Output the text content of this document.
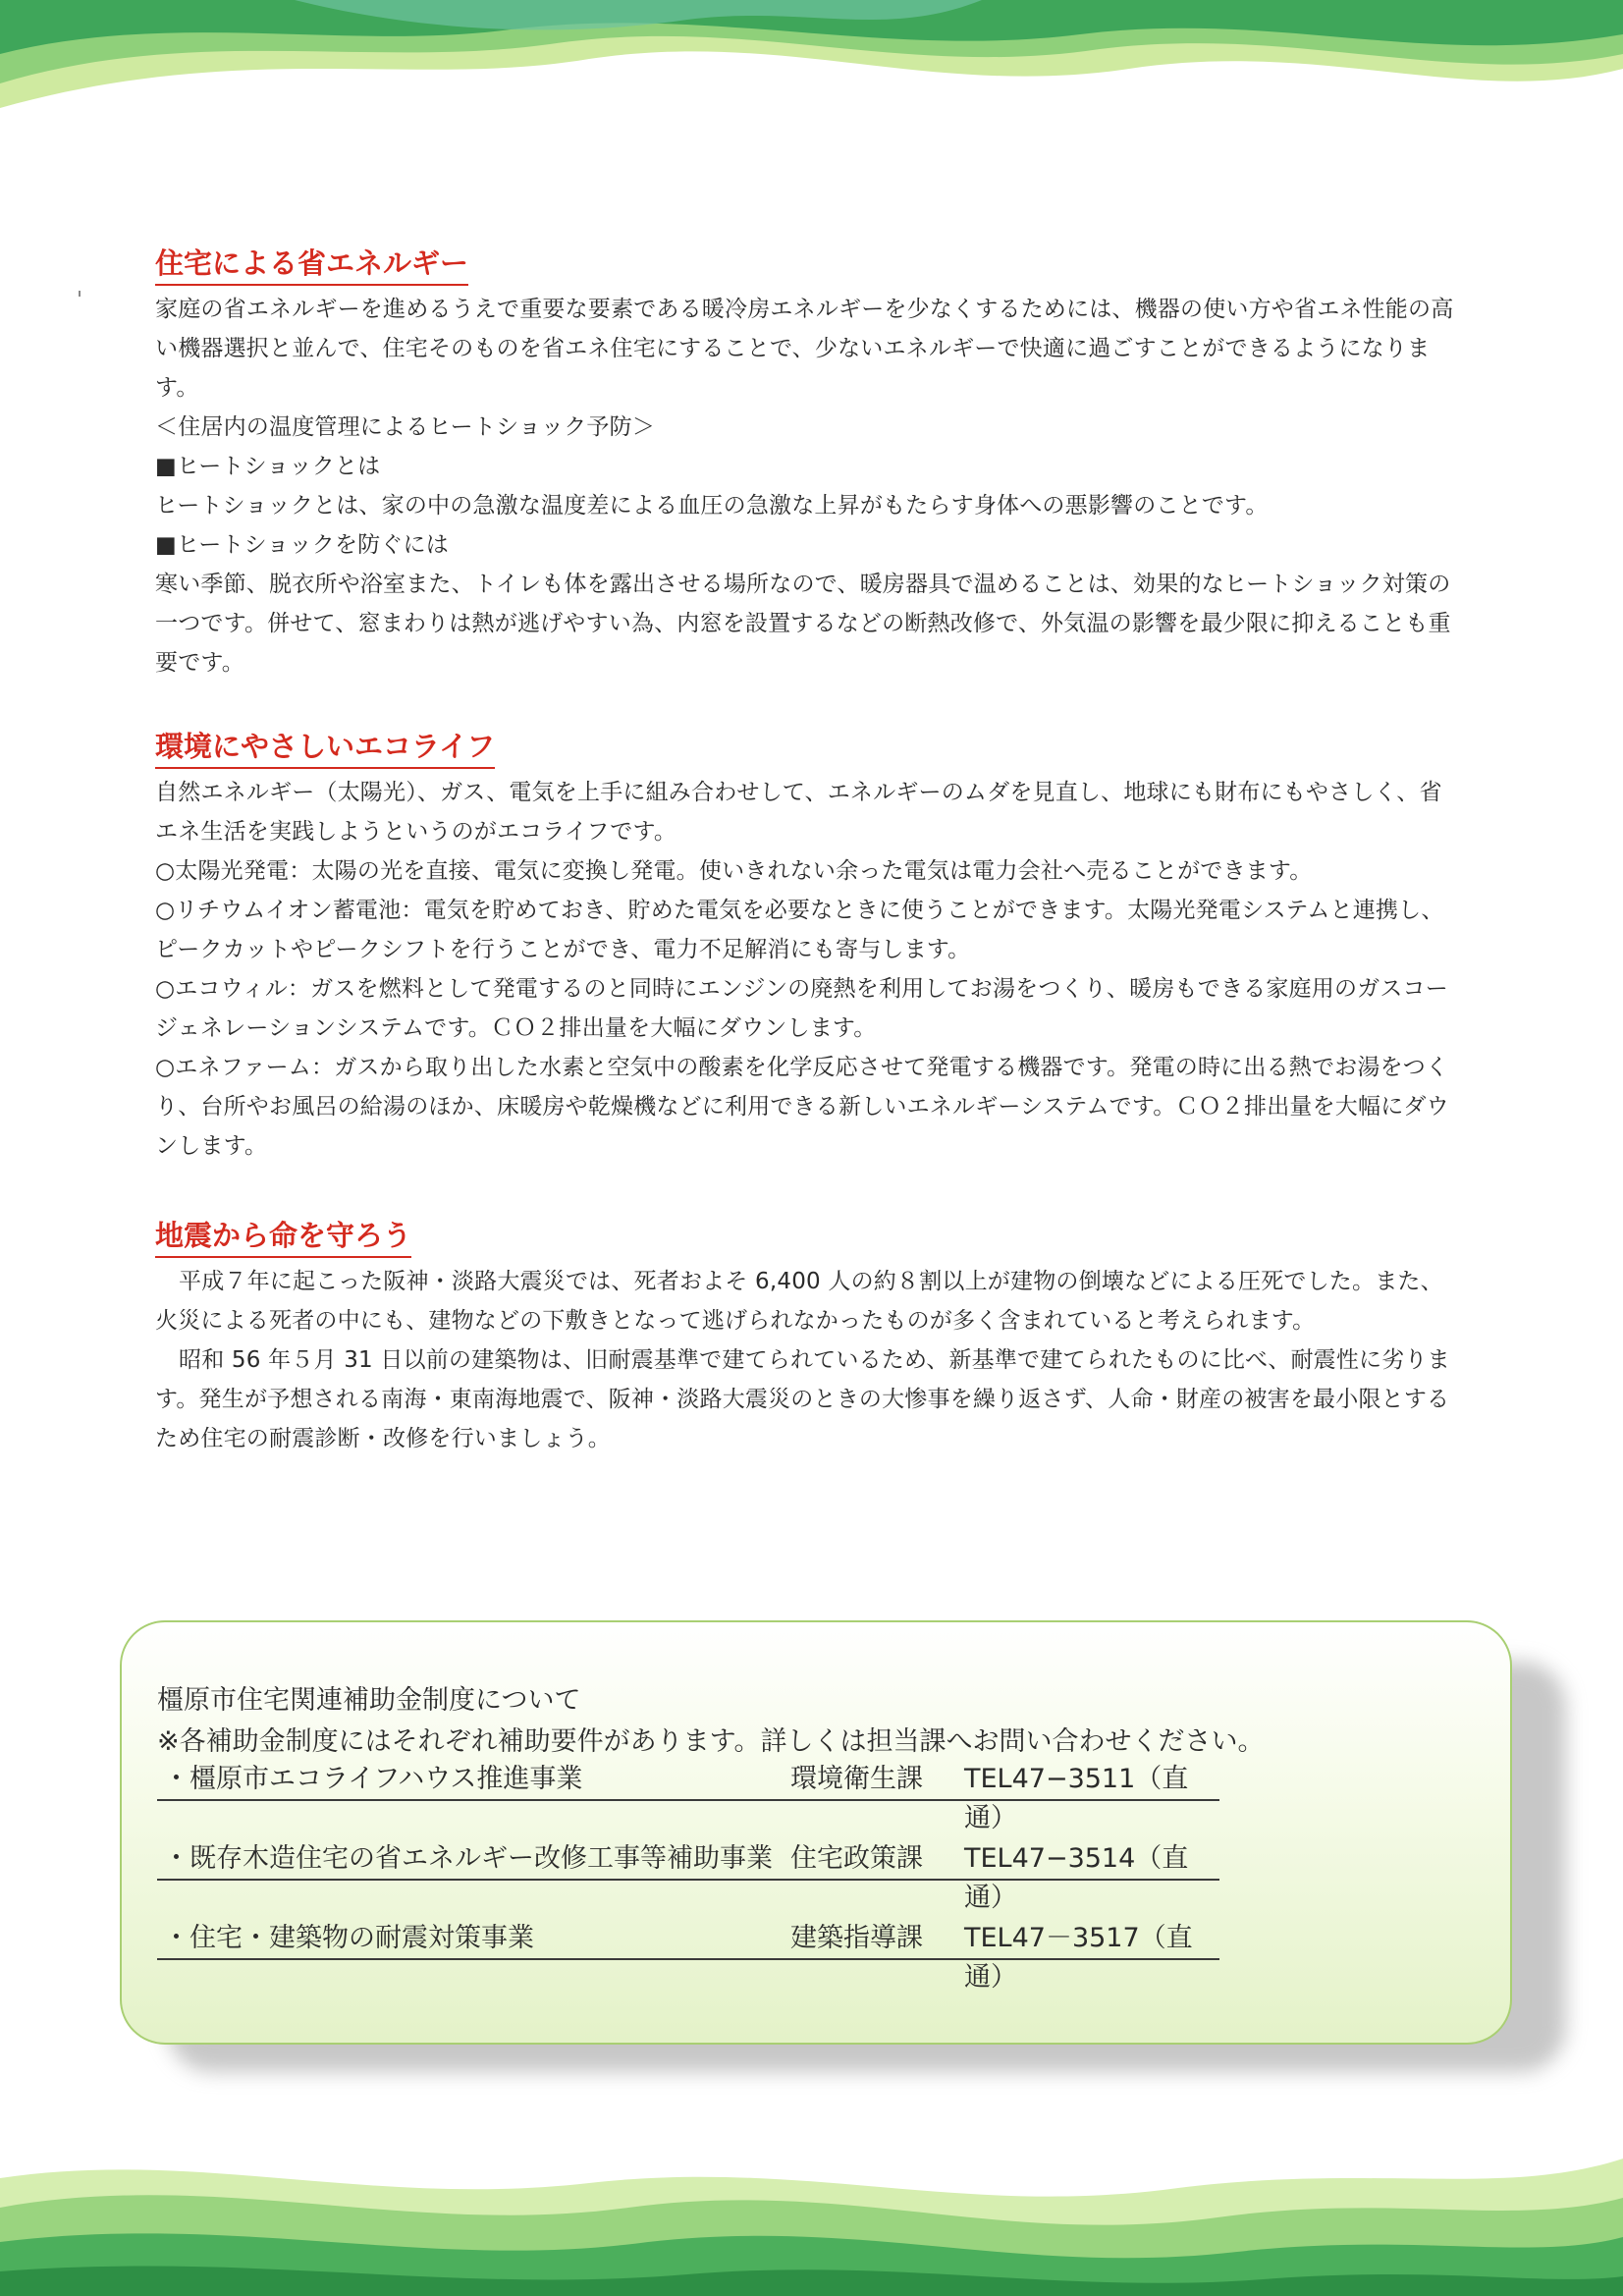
住宅による省エネルギー

家庭の省エネルギーを進めるうえで重要な要素である暖冷房エネルギーを少なくするためには、機器の使い方や省エネ性能の高い機器選択と並んで、住宅そのものを省エネ住宅にすることで、少ないエネルギーで快適に過ごすことができるようになります。

＜住居内の温度管理によるヒートショック予防＞

■ヒートショックとは

ヒートショックとは、家の中の急激な温度差による血圧の急激な上昇がもたらす身体への悪影響のことです。

■ヒートショックを防ぐには

寒い季節、脱衣所や浴室また、トイレも体を露出させる場所なので、暖房器具で温めることは、効果的なヒートショック対策の一つです。併せて、窓まわりは熱が逃げやすい為、内窓を設置するなどの断熱改修で、外気温の影響を最少限に抑えることも重要です。

環境にやさしいエコライフ

自然エネルギー（太陽光）、ガス、電気を上手に組み合わせして、エネルギーのムダを見直し、地球にも財布にもやさしく、省エネ生活を実践しようというのがエコライフです。

○太陽光発電：太陽の光を直接、電気に変換し発電。使いきれない余った電気は電力会社へ売ることができます。

○リチウムイオン蓄電池：電気を貯めておき、貯めた電気を必要なときに使うことができます。太陽光発電システムと連携し、ピークカットやピークシフトを行うことができ、電力不足解消にも寄与します。

○エコウィル：ガスを燃料として発電するのと同時にエンジンの廃熱を利用してお湯をつくり、暖房もできる家庭用のガスコージェネレーションシステムです。ＣＯ２排出量を大幅にダウンします。

○エネファーム：ガスから取り出した水素と空気中の酸素を化学反応させて発電する機器です。発電の時に出る熱でお湯をつくり、台所やお風呂の給湯のほか、床暖房や乾燥機などに利用できる新しいエネルギーシステムです。ＣＯ２排出量を大幅にダウンします。

地震から命を守ろう

平成７年に起こった阪神・淡路大震災では、死者およそ 6,400 人の約８割以上が建物の倒壊などによる圧死でした。また、火災による死者の中にも、建物などの下敷きとなって逃げられなかったものが多く含まれていると考えられます。

昭和 56 年５月 31 日以前の建築物は、旧耐震基準で建てられているため、新基準で建てられたものに比べ、耐震性に劣ります。発生が予想される南海・東南海地震で、阪神・淡路大震災のときの大惨事を繰り返さず、人命・財産の被害を最小限とするため住宅の耐震診断・改修を行いましょう。

橿原市住宅関連補助金制度について

※各補助金制度にはそれぞれ補助要件があります。詳しくは担当課へお問い合わせください。

・橿原市エコライフハウス推進事業	環境衛生課 TEL47−3511（直通）
・既存木造住宅の省エネルギー改修工事等補助事業 住宅政策課 TEL47−3514（直通）
・住宅・建築物の耐震対策事業	建築指導課 TEL47－3517（直通）
